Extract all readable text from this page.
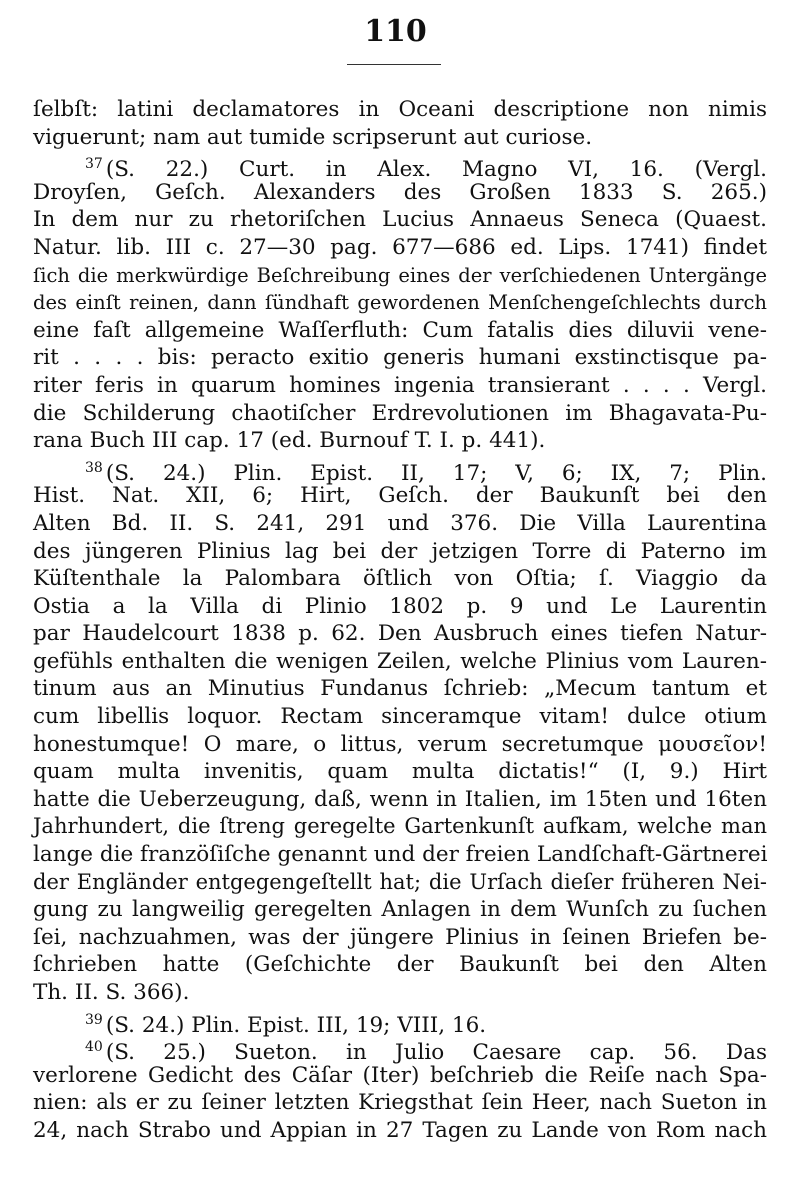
110
ſelbſt: latini declamatores in Oceani descriptione non nimis
viguerunt; nam aut tumide scripserunt aut curiose.
$^{37}$ (S. 22.) Curt. in Alex. Magno VI, 16. (Vergl.
Droyſen, Geſch. Alexanders des Großen 1833 S. 265.)
In dem nur zu rhetoriſchen Lucius Annaeus Seneca (Quaest.
Natur. lib. III c. 27—30 pag. 677—686 ed. Lips. 1741) findet
ſich die merkwürdige Beſchreibung eines der verſchiedenen Untergänge
des einſt reinen, dann ſündhaft gewordenen Menſchengeſchlechts durch
eine faſt allgemeine Waſſerfluth: Cum fatalis dies diluvii vene-
rit . . . . bis: peracto exitio generis humani exstinctisque pa-
riter feris in quarum homines ingenia transierant . . . . Vergl.
die Schilderung chaotiſcher Erdrevolutionen im Bhagavata-Pu-
rana Buch III cap. 17 (ed. Burnouf T. I. p. 441).
$^{38}$ (S. 24.) Plin. Epist. II, 17; V, 6; IX, 7; Plin.
Hist. Nat. XII, 6; Hirt, Geſch. der Baukunſt bei den
Alten Bd. II. S. 241, 291 und 376. Die Villa Laurentina
des jüngeren Plinius lag bei der jetzigen Torre di Paterno im
Küſtenthale la Palombara öſtlich von Oſtia; ſ. Viaggio da
Ostia a la Villa di Plinio 1802 p. 9 und Le Laurentin
par Haudelcourt 1838 p. 62. Den Ausbruch eines tiefen Natur-
gefühls enthalten die wenigen Zeilen, welche Plinius vom Lauren-
tinum aus an Minutius Fundanus ſchrieb: „Mecum tantum et
cum libellis loquor. Rectam sinceramque vitam! dulce otium
honestumque! O mare, o littus, verum secretumque μουσεῖον!
quam multa invenitis, quam multa dictatis!“ (I, 9.) Hirt
hatte die Ueberzeugung, daß, wenn in Italien, im 15ten und 16ten
Jahrhundert, die ſtreng geregelte Gartenkunſt aufkam, welche man
lange die franzöſiſche genannt und der freien Landſchaft-Gärtnerei
der Engländer entgegengeſtellt hat; die Urſach dieſer früheren Nei-
gung zu langweilig geregelten Anlagen in dem Wunſch zu ſuchen
ſei, nachzuahmen, was der jüngere Plinius in ſeinen Briefen be-
ſchrieben hatte (Geſchichte der Baukunſt bei den Alten
Th. II. S. 366).
$^{39}$ (S. 24.) Plin. Epist. III, 19; VIII, 16.
$^{40}$ (S. 25.) Sueton. in Julio Caesare cap. 56. Das
verlorene Gedicht des Cäſar (Iter) beſchrieb die Reiſe nach Spa-
nien: als er zu ſeiner letzten Kriegsthat ſein Heer, nach Sueton in
24, nach Strabo und Appian in 27 Tagen zu Lande von Rom nach
